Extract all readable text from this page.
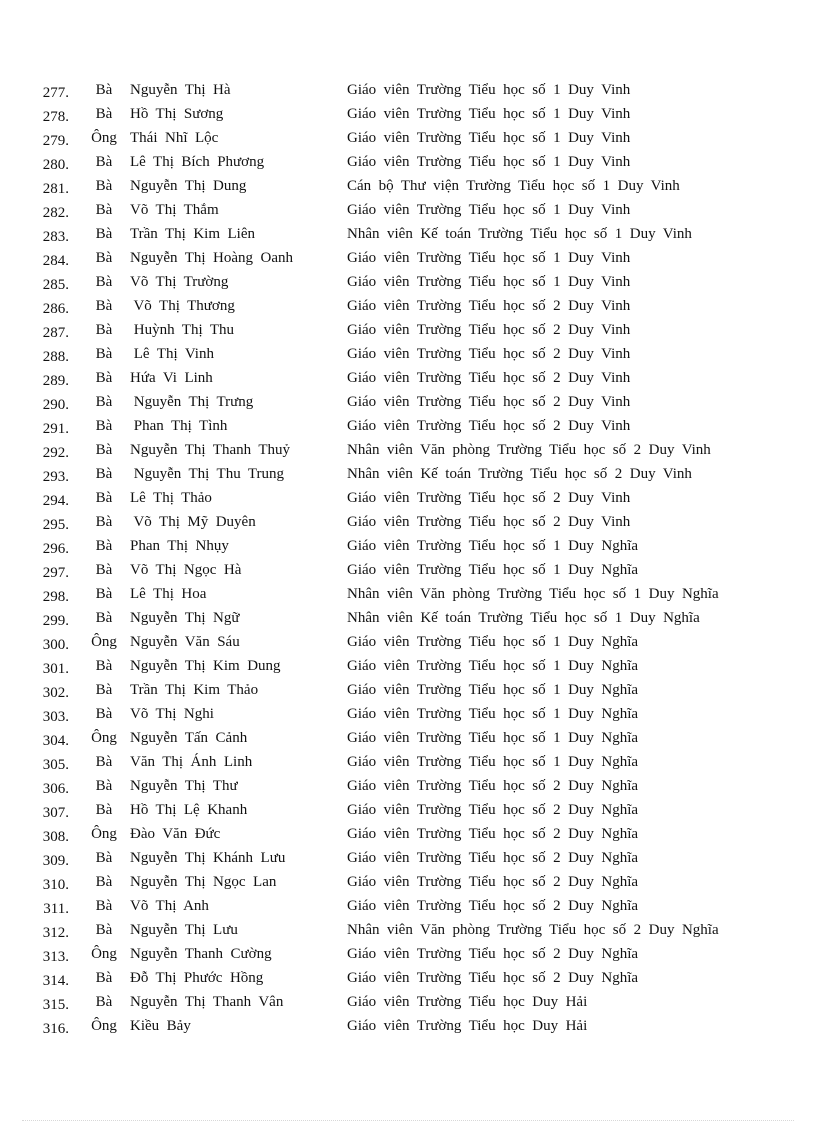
277.	Bà	Nguyễn  Thị  Hà	Giáo  viên  Trường  Tiểu  học  số  1  Duy  Vinh
278.	Bà	Hồ  Thị  Sương	Giáo  viên  Trường  Tiểu  học  số  1  Duy  Vinh
279.	Ông Thái  Nhĩ  Lộc	Giáo  viên  Trường  Tiểu  học  số  1  Duy  Vinh
280.	Bà	Lê  Thị  Bích  Phương	Giáo  viên  Trường  Tiểu  học  số  1  Duy  Vinh
281.	Bà	Nguyễn  Thị  Dung	Cán  bộ  Thư  viện  Trường  Tiểu  học  số  1  Duy  Vinh
282.	Bà	Võ  Thị  Thắm	Giáo  viên  Trường  Tiểu  học  số  1  Duy  Vinh
283.	Bà	Trần  Thị  Kim  Liên	Nhân  viên  Kế  toán  Trường  Tiểu  học  số  1  Duy  Vinh
284.	Bà	Nguyễn  Thị  Hoàng  Oanh	Giáo  viên  Trường  Tiểu  học  số  1  Duy  Vinh
285.	Bà	Võ  Thị  Trường	Giáo  viên  Trường  Tiểu  học  số  1  Duy  Vinh
286.	Bà	Võ  Thị  Thương	Giáo  viên  Trường  Tiểu  học  số  2  Duy  Vinh
287.	Bà	Huỳnh  Thị  Thu	Giáo  viên  Trường  Tiểu  học  số  2  Duy  Vinh
288.	Bà	Lê  Thị  Vinh	Giáo  viên  Trường  Tiểu  học  số  2  Duy  Vinh
289.	Bà	Hứa  Vi  Linh	Giáo  viên  Trường  Tiểu  học  số  2  Duy  Vinh
290.	Bà	Nguyễn  Thị  Trưng	Giáo  viên  Trường  Tiểu  học  số  2  Duy  Vinh
291.	Bà	Phan  Thị  Tình	Giáo  viên  Trường  Tiểu  học  số  2  Duy  Vinh
292.	Bà	Nguyễn  Thị  Thanh  Thuỷ	Nhân  viên  Văn  phòng  Trường  Tiểu  học  số  2  Duy  Vinh
293.	Bà	Nguyễn  Thị  Thu  Trung	Nhân  viên  Kế  toán  Trường  Tiểu  học  số  2  Duy  Vinh
294.	Bà	Lê  Thị  Thảo	Giáo  viên  Trường  Tiểu  học  số  2  Duy  Vinh
295.	Bà	Võ  Thị  Mỹ  Duyên	Giáo  viên  Trường  Tiểu  học  số  2  Duy  Vinh
296.	Bà	Phan  Thị  Nhụy	Giáo  viên  Trường  Tiểu  học  số  1  Duy  Nghĩa
297.	Bà	Võ  Thị  Ngọc  Hà	Giáo  viên  Trường  Tiểu  học  số  1  Duy  Nghĩa
298.	Bà	Lê  Thị  Hoa	Nhân  viên  Văn  phòng  Trường  Tiểu  học  số  1  Duy  Nghĩa
299.	Bà	Nguyễn  Thị  Ngữ	Nhân  viên  Kế  toán  Trường  Tiểu  học  số  1  Duy  Nghĩa
300.	Ông Nguyễn  Văn  Sáu	Giáo  viên  Trường  Tiểu  học  số  1  Duy  Nghĩa
301.	Bà	Nguyễn  Thị  Kim  Dung	Giáo  viên  Trường  Tiểu  học  số  1  Duy  Nghĩa
302.	Bà	Trần  Thị  Kim  Thảo	Giáo  viên  Trường  Tiểu  học  số  1  Duy  Nghĩa
303.	Bà	Võ  Thị  Nghi	Giáo  viên  Trường  Tiểu  học  số  1  Duy  Nghĩa
304.	Ông Nguyễn  Tấn  Cảnh	Giáo  viên  Trường  Tiểu  học  số  1  Duy  Nghĩa
305.	Bà	Văn  Thị  Ánh  Linh	Giáo  viên  Trường  Tiểu  học  số  1  Duy  Nghĩa
306.	Bà	Nguyễn  Thị  Thư	Giáo  viên  Trường  Tiểu  học  số  2  Duy  Nghĩa
307.	Bà	Hồ  Thị  Lệ  Khanh	Giáo  viên  Trường  Tiểu  học  số  2  Duy  Nghĩa
308.	Ông Đào  Văn  Đức	Giáo  viên  Trường  Tiểu  học  số  2  Duy  Nghĩa
309.	Bà	Nguyễn  Thị  Khánh  Lưu	Giáo  viên  Trường  Tiểu  học  số  2  Duy  Nghĩa
310.	Bà	Nguyễn  Thị  Ngọc  Lan	Giáo  viên  Trường  Tiểu  học  số  2  Duy  Nghĩa
311.	Bà	Võ  Thị  Anh	Giáo  viên  Trường  Tiểu  học  số  2  Duy  Nghĩa
312.	Bà	Nguyễn  Thị  Lưu	Nhân  viên  Văn  phòng  Trường  Tiểu  học  số  2  Duy  Nghĩa
313.	Ông Nguyễn  Thanh  Cường	Giáo  viên  Trường  Tiểu  học  số  2  Duy  Nghĩa
314.	Bà	Đỗ  Thị  Phước  Hồng	Giáo  viên  Trường  Tiểu  học  số  2  Duy  Nghĩa
315.	Bà	Nguyễn  Thị  Thanh  Vân	Giáo  viên  Trường  Tiểu  học  Duy  Hải
316.	Ông Kiều  Bảy	Giáo  viên  Trường  Tiểu  học  Duy  Hải
